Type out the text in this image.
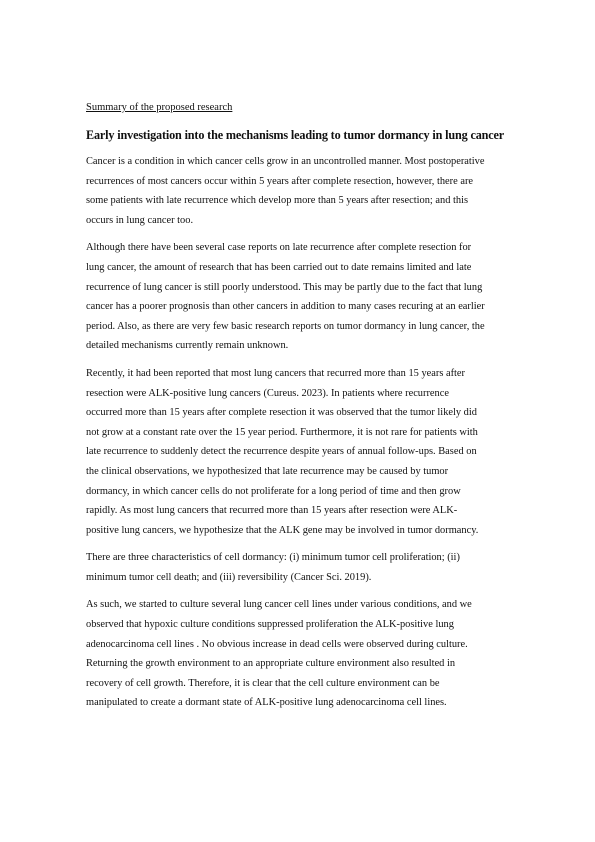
Summary of the proposed research
Early investigation into the mechanisms leading to tumor dormancy in lung cancer

Cancer is a condition in which cancer cells grow in an uncontrolled manner. Most postoperative
recurrences of most cancers occur within 5 years after complete resection, however, there are
some patients with late recurrence which develop more than 5 years after resection; and this
occurs in lung cancer too.

Although there have been several case reports on late recurrence after complete resection for
lung cancer, the amount of research that has been carried out to date remains limited and late
recurrence of lung cancer is still poorly understood. This may be partly due to the fact that lung
cancer has a poorer prognosis than other cancers in addition to many cases recuring at an earlier
period. Also, as there are very few basic research reports on tumor dormancy in lung cancer, the
detailed mechanisms currently remain unknown.

Recently, it had been reported that most lung cancers that recurred more than 15 years after
resection were ALK-positive lung cancers (Cureus. 2023). In patients where recurrence
occurred more than 15 years after complete resection it was observed that the tumor likely did
not grow at a constant rate over the 15 year period. Furthermore, it is not rare for patients with
late recurrence to suddenly detect the recurrence despite years of annual follow-ups. Based on
the clinical observations, we hypothesized that late recurrence may be caused by tumor
dormancy, in which cancer cells do not proliferate for a long period of time and then grow
rapidly. As most lung cancers that recurred more than 15 years after resection were ALK-
positive lung cancers, we hypothesize that the ALK gene may be involved in tumor dormancy.

There are three characteristics of cell dormancy: (i) minimum tumor cell proliferation; (ii)
minimum tumor cell death; and (iii) reversibility (Cancer Sci. 2019).

As such, we started to culture several lung cancer cell lines under various conditions, and we
observed that hypoxic culture conditions suppressed proliferation the ALK-positive lung
adenocarcinoma cell lines . No obvious increase in dead cells were observed during culture.
Returning the growth environment to an appropriate culture environment also resulted in
recovery of cell growth. Therefore, it is clear that the cell culture environment can be
manipulated to create a dormant state of ALK-positive lung adenocarcinoma cell lines.
